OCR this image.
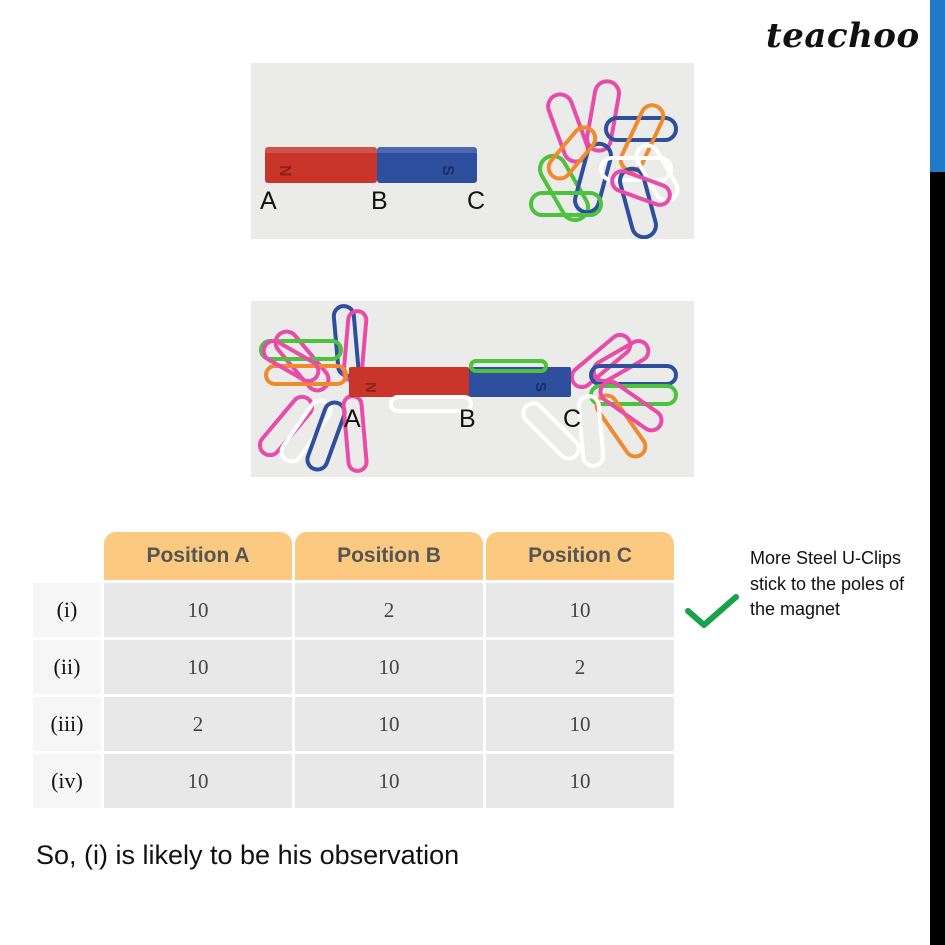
teachoo
N	S
A	B	C
N	S
A	B	C
	Position A	Position B	Position C
(i)	10	2	10
(ii)	10	10	2
(iii)	2	10	10
(iv)	10	10	10
More Steel U-Clips stick to the poles of the magnet
So, (i) is likely to be his observation
